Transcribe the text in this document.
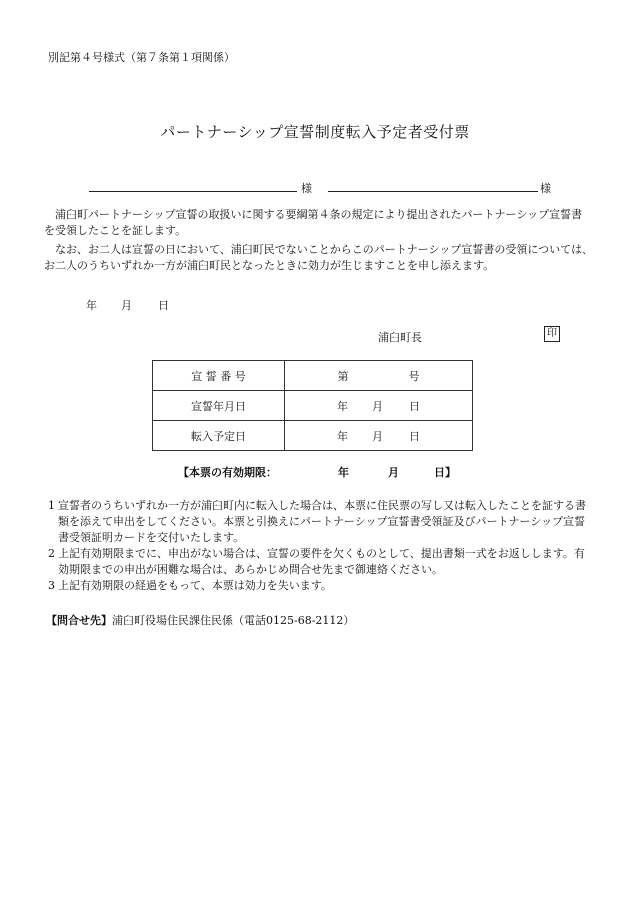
別記第４号様式（第７条第１項関係）
パートナーシップ宣誓制度転入予定者受付票
様	様

浦臼町パートナーシップ宣誓の取扱いに関する要綱第４条の規定により提出されたパートナーシップ宣誓書を受領したことを証します。

なお、お二人は宣誓の日において、浦臼町民でないことからこのパートナーシップ宣誓書の受領については､お二人のうちいずれか一方が浦臼町民となったときに効力が生じますことを申し添えます。

年 月 日
浦臼町長	印
宣 誓 番 号	第 号
宣誓年月日	年 月 日
転入予定日	年 月 日
【本票の有効期限：	年	月	日】

1 宣誓者のうちいずれか一方が浦臼町内に転入した場合は、本票に住民票の写し又は転入したことを証する書類を添えて申出をしてください。本票と引換えにパートナーシップ宣誓書受領証及びパートナーシップ宣誓書受領証明カードを交付いたします。

2 上記有効期限までに、申出がない場合は、宣誓の要件を欠くものとして、提出書類一式をお返しします。有効期限までの申出が困難な場合は、あらかじめ問合せ先まで御連絡ください。

3 上記有効期限の経過をもって、本票は効力を失います。

【問合せ先】浦臼町役場住民課住民係（電話0125-68-2112）
